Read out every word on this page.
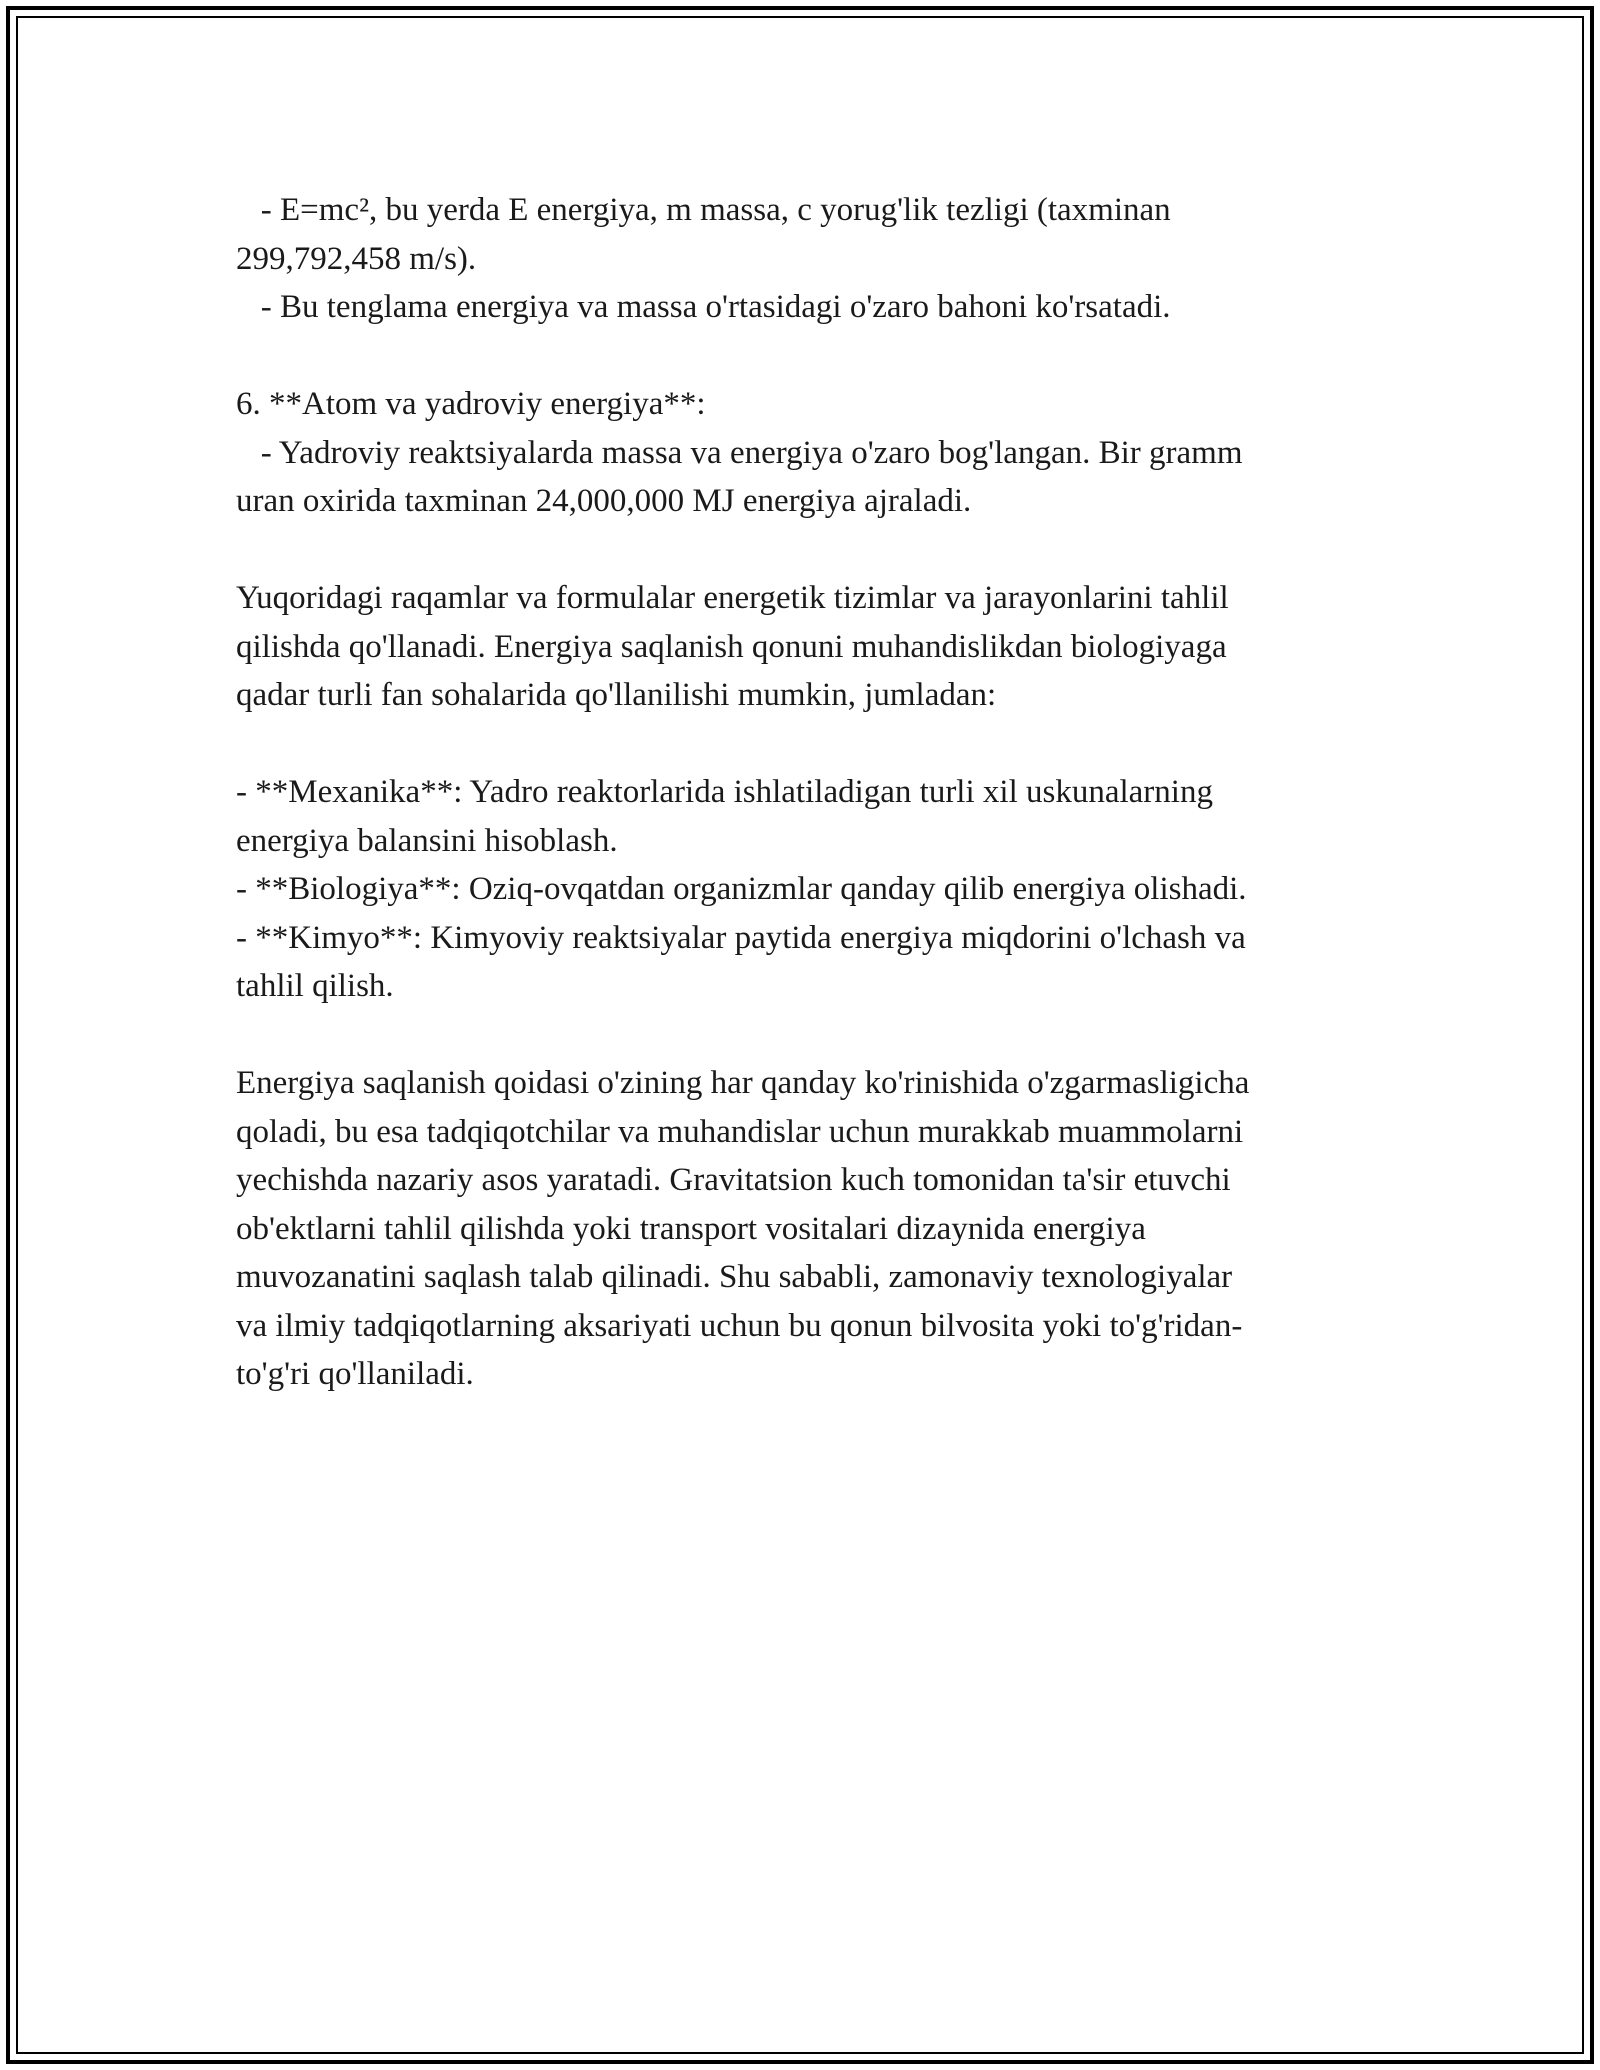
- E=mc², bu yerda E energiya, m massa, c yorug'lik tezligi (taxminan
299,792,458 m/s).
- Bu tenglama energiya va massa o'rtasidagi o'zaro bahoni ko'rsatadi.
6. **Atom va yadroviy energiya**:
- Yadroviy reaktsiyalarda massa va energiya o'zaro bog'langan. Bir gramm
uran oxirida taxminan 24,000,000 MJ energiya ajraladi.
Yuqoridagi raqamlar va formulalar energetik tizimlar va jarayonlarini tahlil
qilishda qo'llanadi. Energiya saqlanish qonuni muhandislikdan biologiyaga
qadar turli fan sohalarida qo'llanilishi mumkin, jumladan:
- **Mexanika**: Yadro reaktorlarida ishlatiladigan turli xil uskunalarning
energiya balansini hisoblash.
- **Biologiya**: Oziq-ovqatdan organizmlar qanday qilib energiya olishadi.
- **Kimyo**: Kimyoviy reaktsiyalar paytida energiya miqdorini o'lchash va
tahlil qilish.
Energiya saqlanish qoidasi o'zining har qanday ko'rinishida o'zgarmasligicha
qoladi, bu esa tadqiqotchilar va muhandislar uchun murakkab muammolarni
yechishda nazariy asos yaratadi. Gravitatsion kuch tomonidan ta'sir etuvchi
ob'ektlarni tahlil qilishda yoki transport vositalari dizaynida energiya
muvozanatini saqlash talab qilinadi. Shu sababli, zamonaviy texnologiyalar
va ilmiy tadqiqotlarning aksariyati uchun bu qonun bilvosita yoki to'g'ridan-
to'g'ri qo'llaniladi.
